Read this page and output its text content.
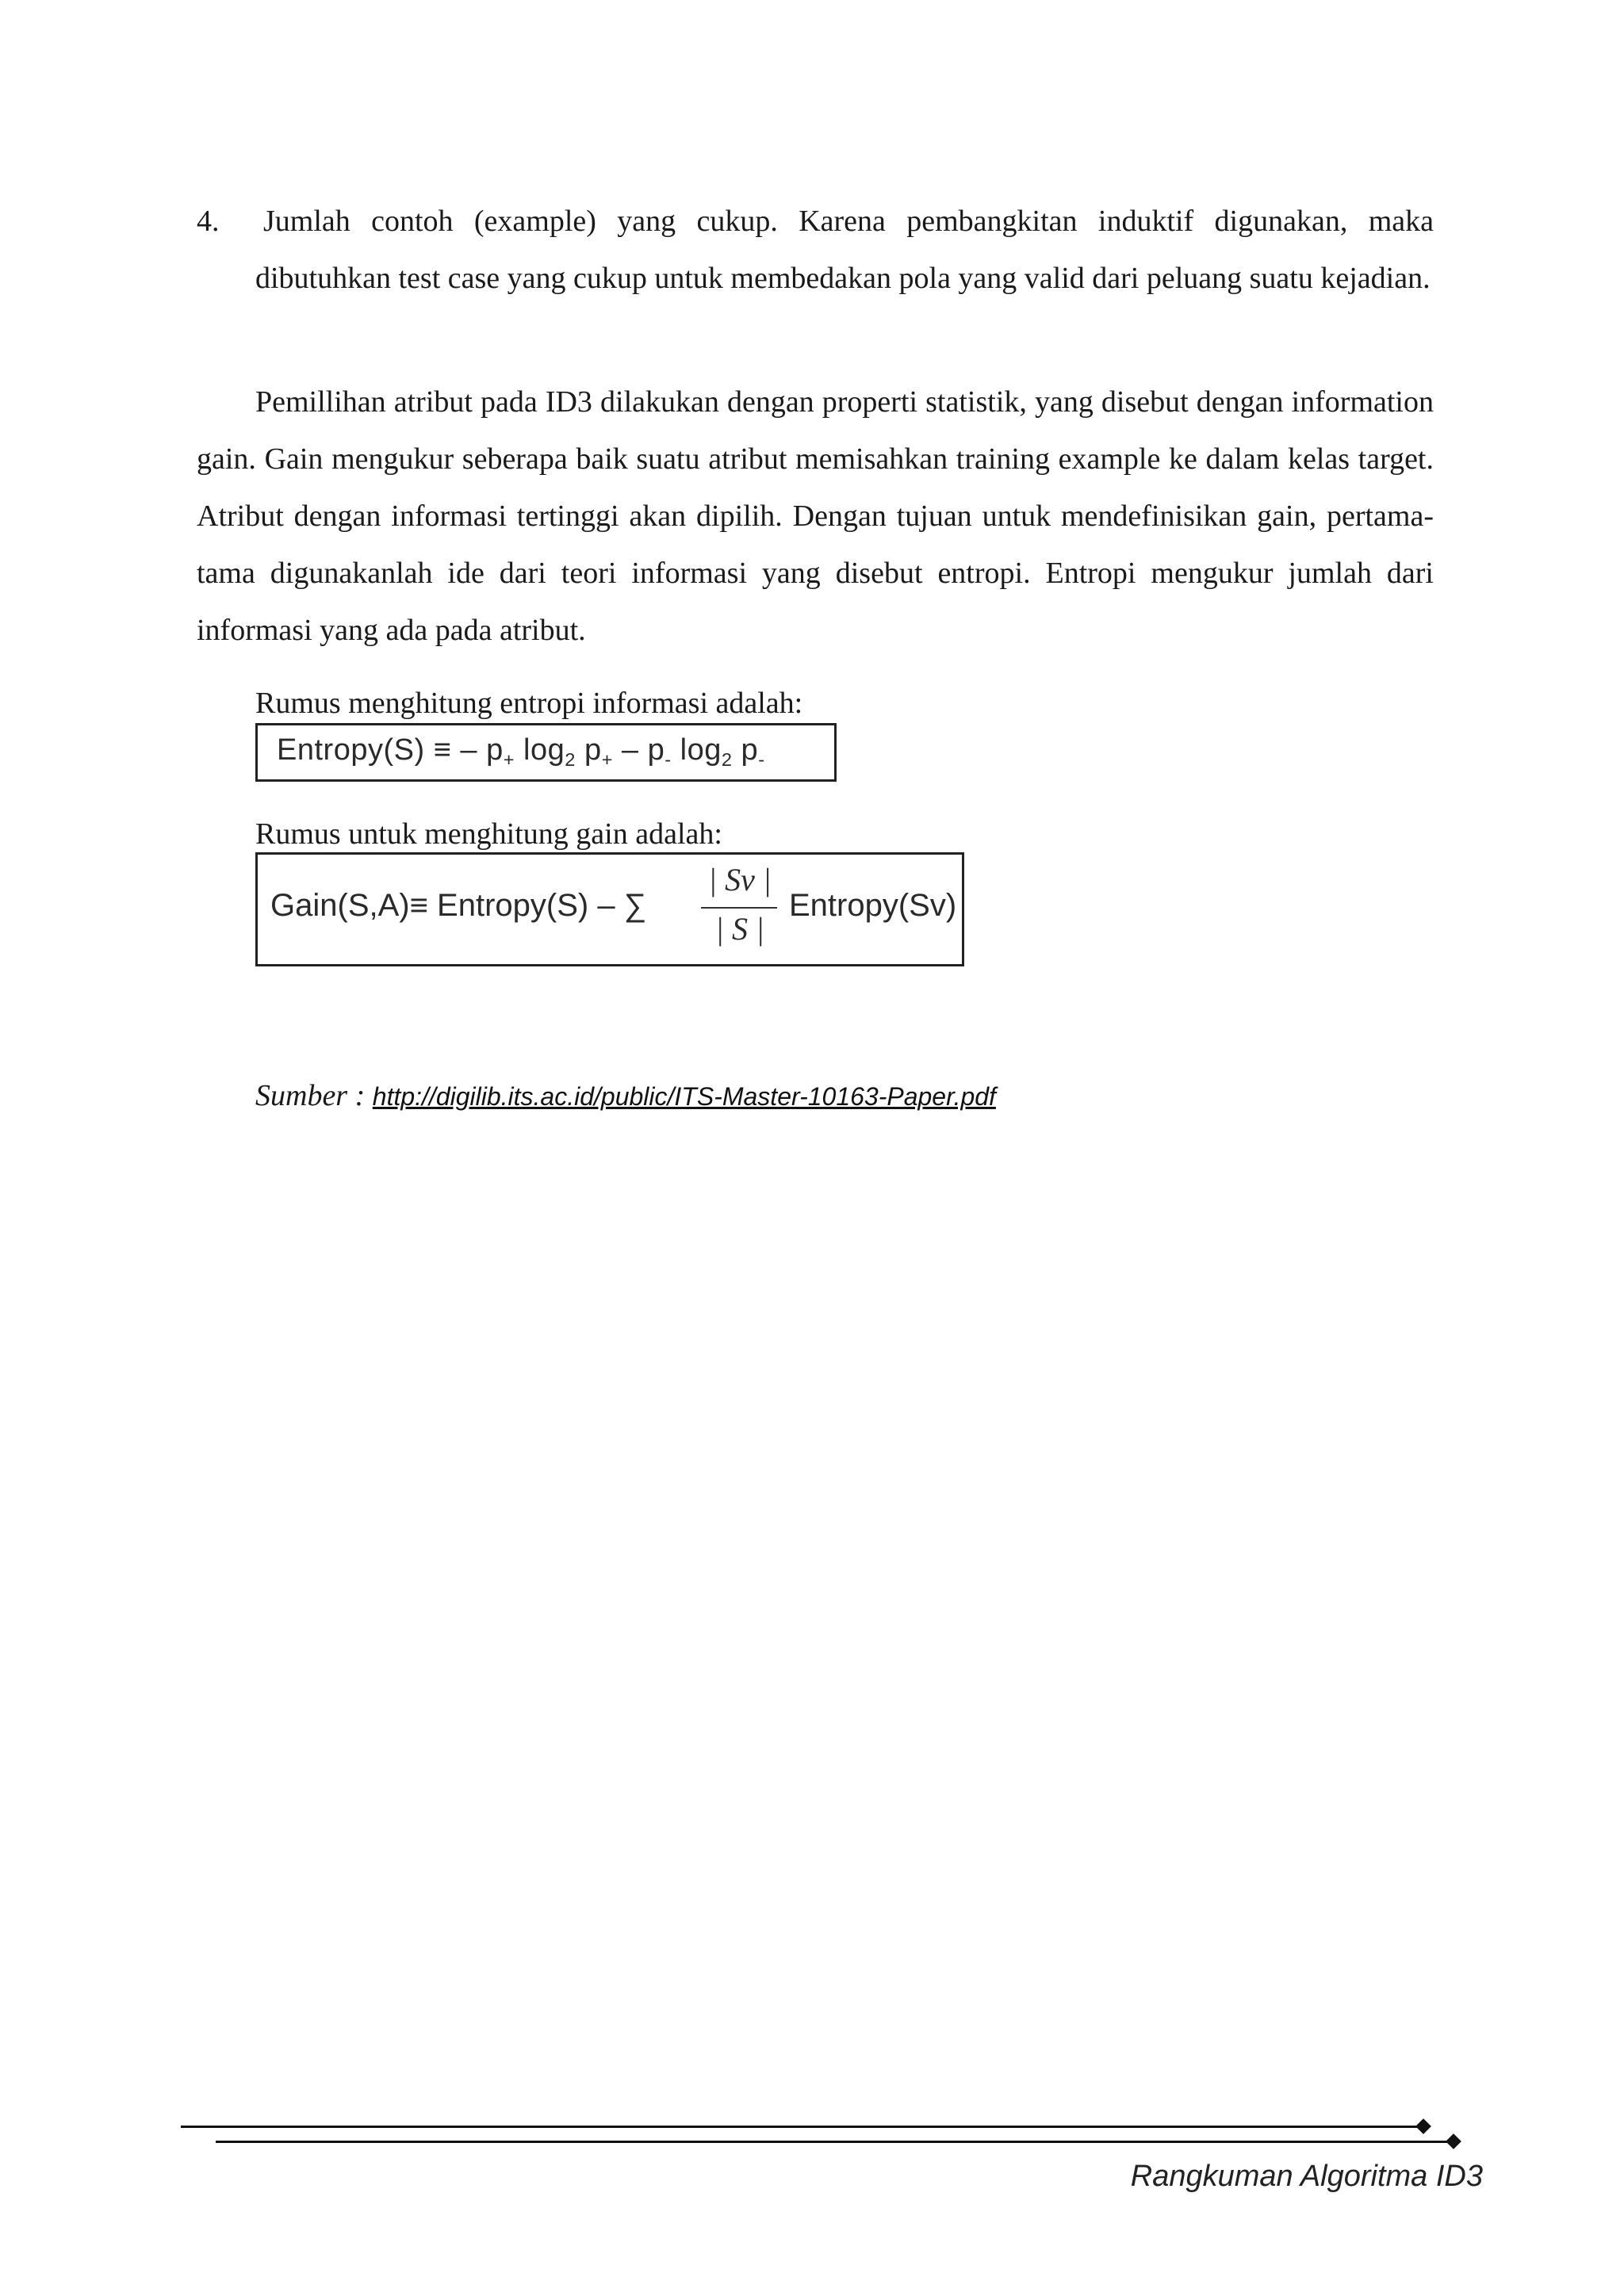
4. Jumlah contoh (example) yang cukup. Karena pembangkitan induktif digunakan, maka dibutuhkan test case yang cukup untuk membedakan pola yang valid dari peluang suatu kejadian.
Pemillihan atribut pada ID3 dilakukan dengan properti statistik, yang disebut dengan information gain. Gain mengukur seberapa baik suatu atribut memisahkan training example ke dalam kelas target. Atribut dengan informasi tertinggi akan dipilih. Dengan tujuan untuk mendefinisikan gain, pertama-tama digunakanlah ide dari teori informasi yang disebut entropi. Entropi mengukur jumlah dari informasi yang ada pada atribut.
Rumus menghitung entropi informasi adalah:
Entropy(S) ≡ – $p_+$ $\log_2 p_+ - p_-$ $\log_2 p_-$
Rumus untuk menghitung gain adalah:
Gain(S,A)≡ Entropy(S) – ∑
| Sv |
| S |
Entropy(Sv)
Sumber : http://digilib.its.ac.id/public/ITS-Master-10163-Paper.pdf
Rangkuman Algoritma ID3
